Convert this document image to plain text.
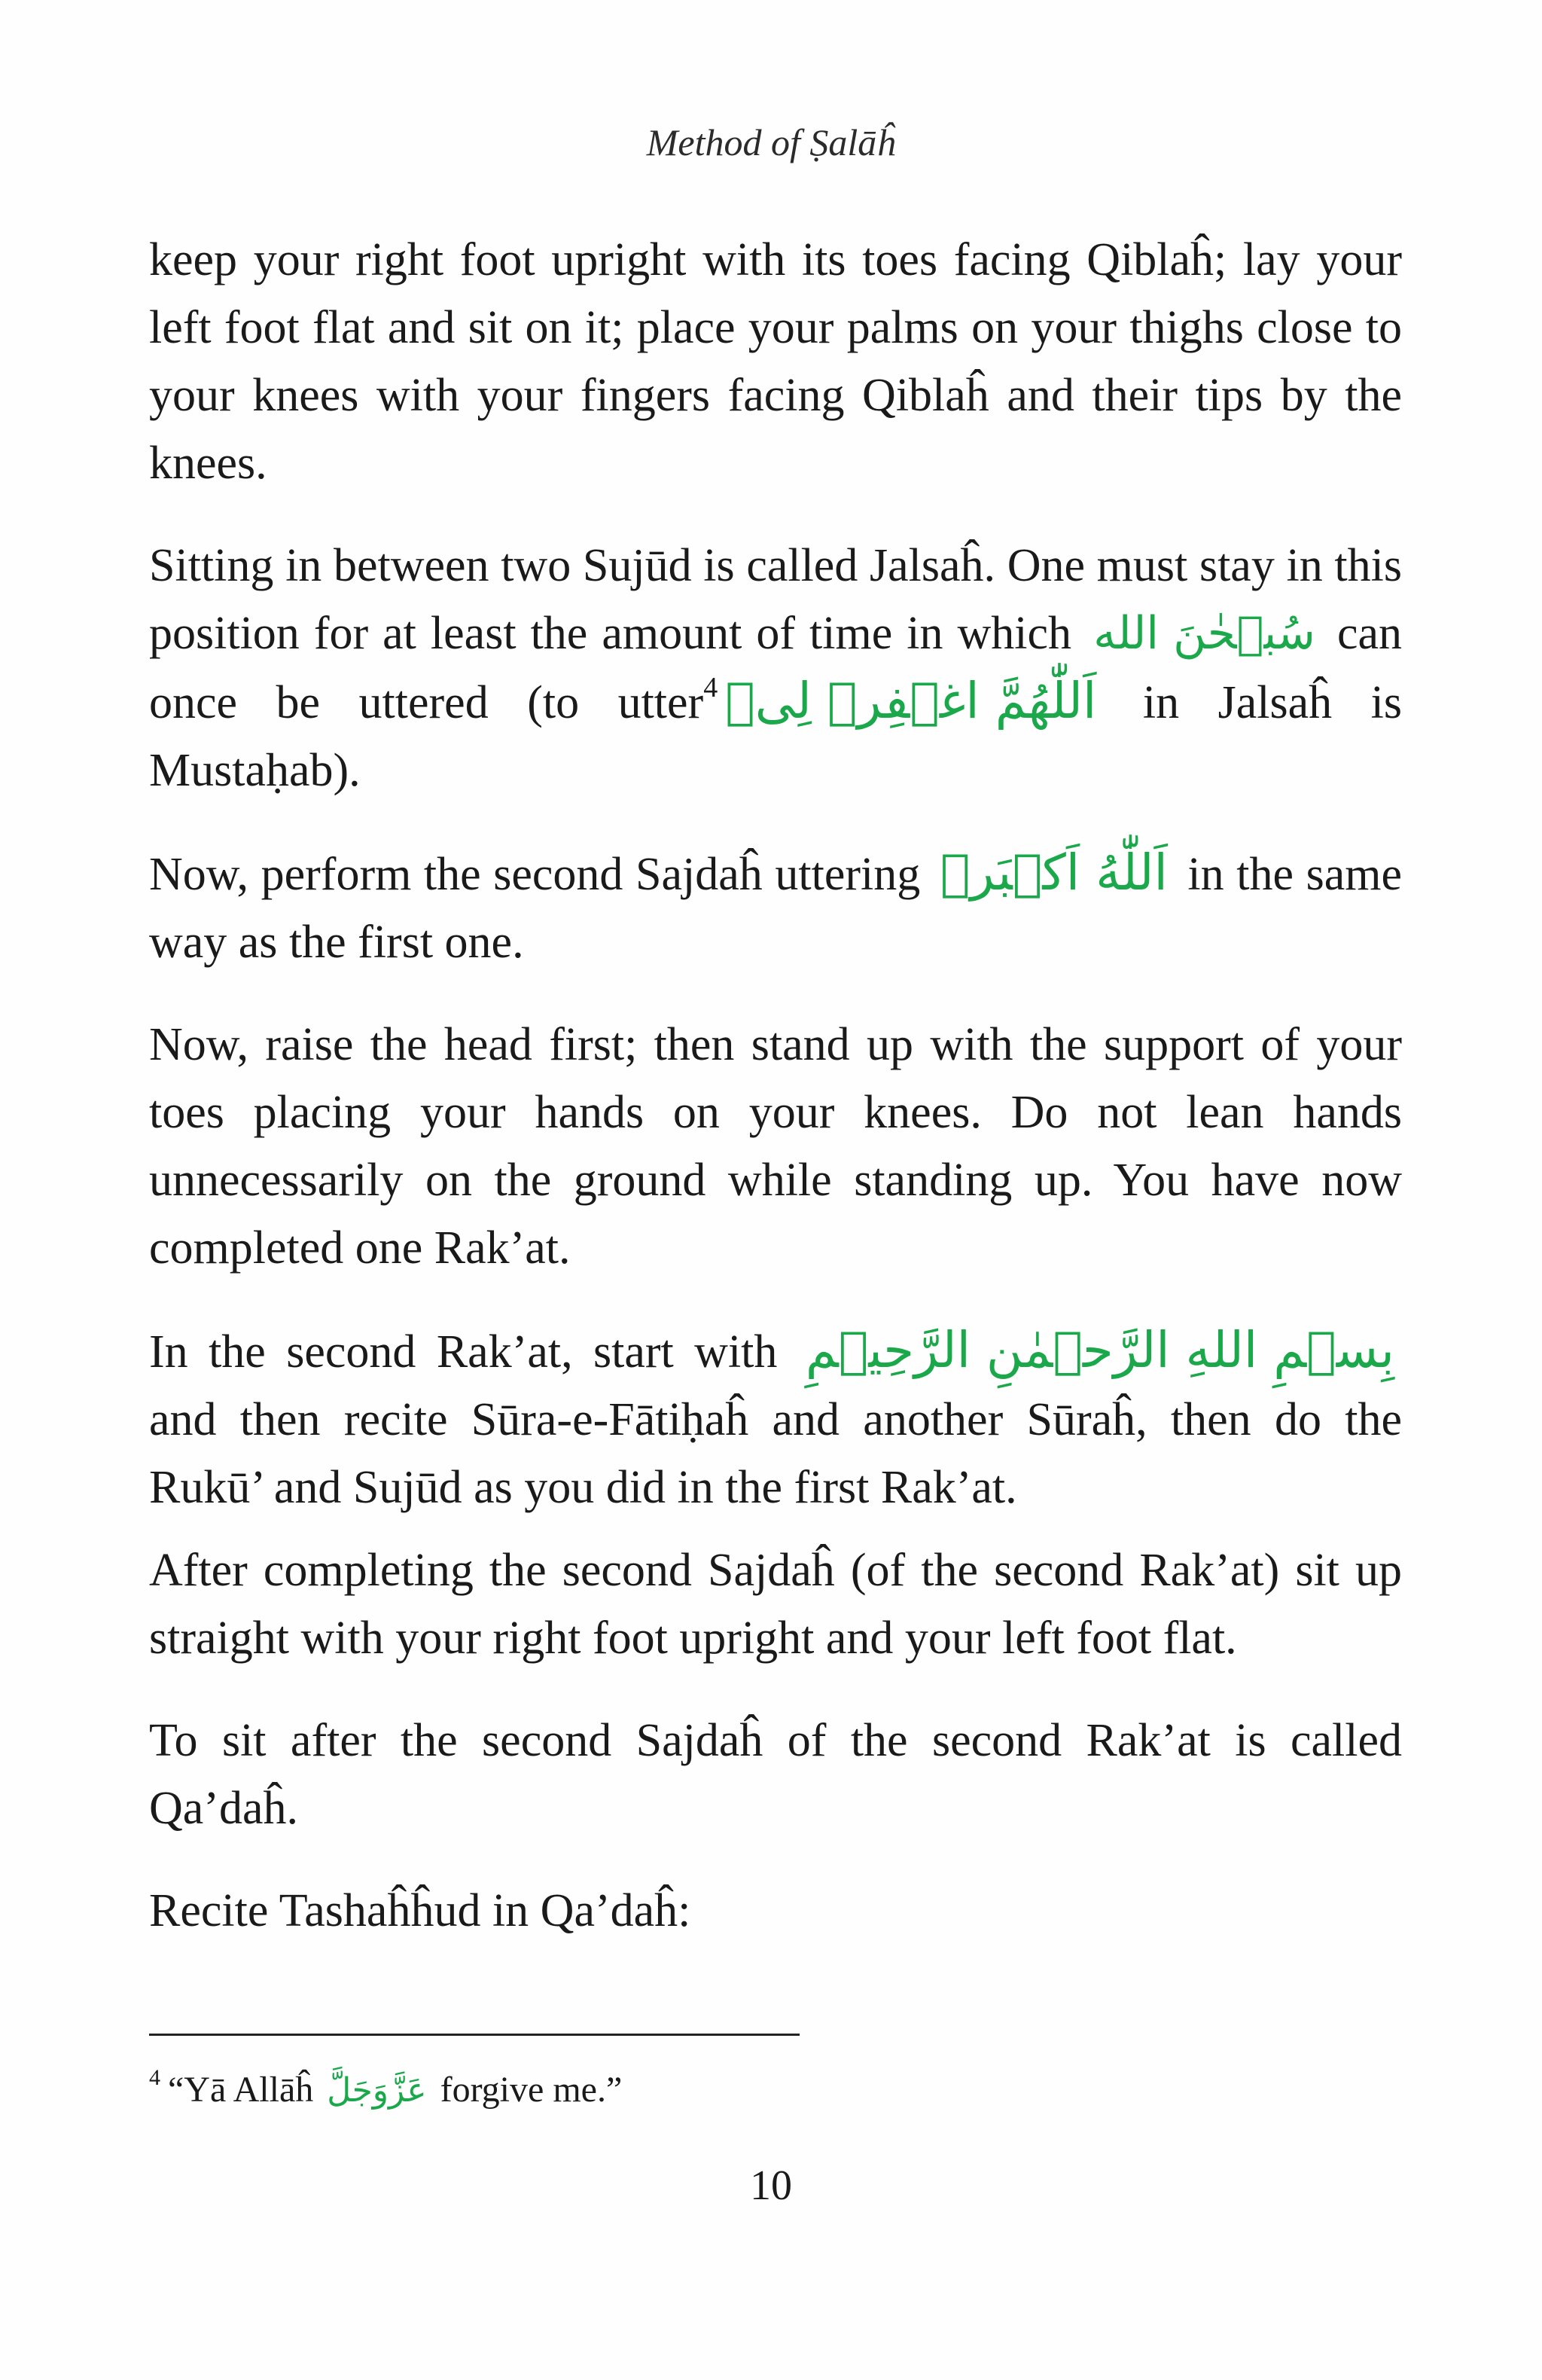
Method of Ṣalāĥ

keep your right foot upright with its toes facing Qiblaĥ; lay your left foot flat and sit on it; place your palms on your thighs close to your knees with your fingers facing Qiblaĥ and their tips by the knees.

Sitting in between two Sujūd is called Jalsaĥ. One must stay in this position for at least the amount of time in which سُبۡحٰنَ الله can once be uttered (to utter$^4$ اَللّٰهُمَّ اغۡفِرۡ لِیۡ in Jalsaĥ is Mustaḥab).

Now, perform the second Sajdaĥ uttering اَللّٰهُ اَكۡبَرۡ in the same way as the first one.

Now, raise the head first; then stand up with the support of your toes placing your hands on your knees. Do not lean hands unnecessarily on the ground while standing up. You have now completed one Rak’at.

In the second Rak’at, start with بِسۡمِ اللهِ الرَّحۡمٰنِ الرَّحِيۡمِ and then recite Sūra-e-Fātiḥaĥ and another Sūraĥ, then do the Rukū’ and Sujūd as you did in the first Rak’at.

After completing the second Sajdaĥ (of the second Rak’at) sit up straight with your right foot upright and your left foot flat.

To sit after the second Sajdaĥ of the second Rak’at is called Qa’daĥ.

Recite Tashaĥĥud in Qa’daĥ:

$^4$ “Yā Allāĥ عَزَّوَجَلَّ forgive me.”
10
